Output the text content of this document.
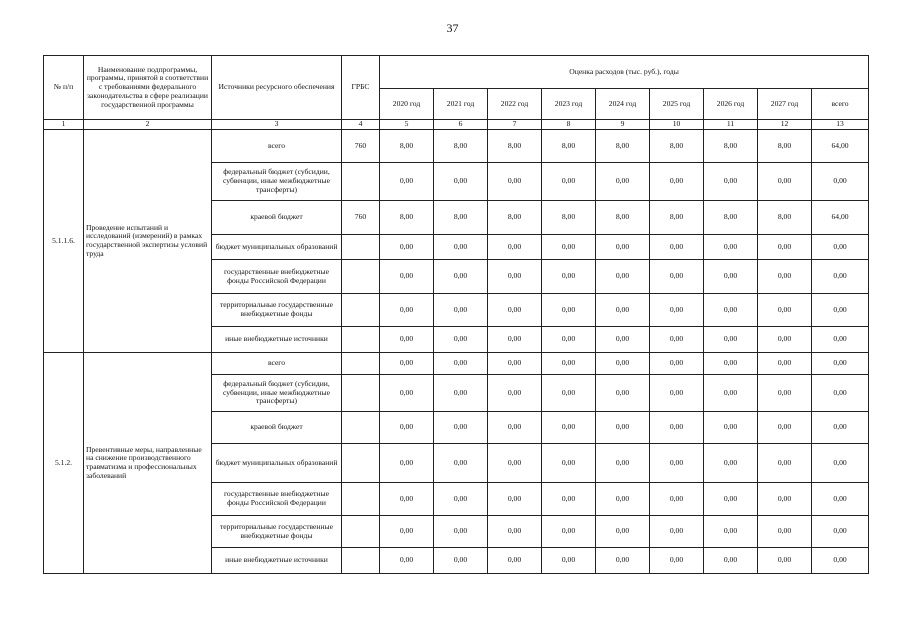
37
№ п/п	Наименование подпрограммы, программы, принятой в соответствии с требованиями федерального законодательства в сфере реализации государственной программы	Источники ресурсного обеспечения	ГРБС	Оценка расходов (тыс. руб.), годы								
				2020 год	2021 год	2022 год	2023 год	2024 год	2025 год	2026 год	2027 год	всего
1	2	3	4	5	6	7	8	9	10	11	12	13
5.1.1.6.	Проведение испытаний и исследований (измерений) в рамках государственной экспертизы условий труда	всего	760	8,00	8,00	8,00	8,00	8,00	8,00	8,00	8,00	64,00
		федеральный бюджет (субсидии, субвенции, иные межбюджетные трансферты)		0,00	0,00	0,00	0,00	0,00	0,00	0,00	0,00	0,00
		краевой бюджет	760	8,00	8,00	8,00	8,00	8,00	8,00	8,00	8,00	64,00
		бюджет муниципальных образований		0,00	0,00	0,00	0,00	0,00	0,00	0,00	0,00	0,00
		государственные внебюджетные фонды Российской Федерации		0,00	0,00	0,00	0,00	0,00	0,00	0,00	0,00	0,00
		территориальные государственные внебюджетные фонды		0,00	0,00	0,00	0,00	0,00	0,00	0,00	0,00	0,00
		иные внебюджетные источники		0,00	0,00	0,00	0,00	0,00	0,00	0,00	0,00	0,00
5.1.2.	Превентивные меры, направленные на снижение производственного травматизма и профессиональных заболеваний	всего		0,00	0,00	0,00	0,00	0,00	0,00	0,00	0,00	0,00
		федеральный бюджет (субсидии, субвенции, иные межбюджетные трансферты)		0,00	0,00	0,00	0,00	0,00	0,00	0,00	0,00	0,00
		краевой бюджет		0,00	0,00	0,00	0,00	0,00	0,00	0,00	0,00	0,00
		бюджет муниципальных образований		0,00	0,00	0,00	0,00	0,00	0,00	0,00	0,00	0,00
		государственные внебюджетные фонды Российской Федерации		0,00	0,00	0,00	0,00	0,00	0,00	0,00	0,00	0,00
		территориальные государственные внебюджетные фонды		0,00	0,00	0,00	0,00	0,00	0,00	0,00	0,00	0,00
		иные внебюджетные источники		0,00	0,00	0,00	0,00	0,00	0,00	0,00	0,00	0,00
